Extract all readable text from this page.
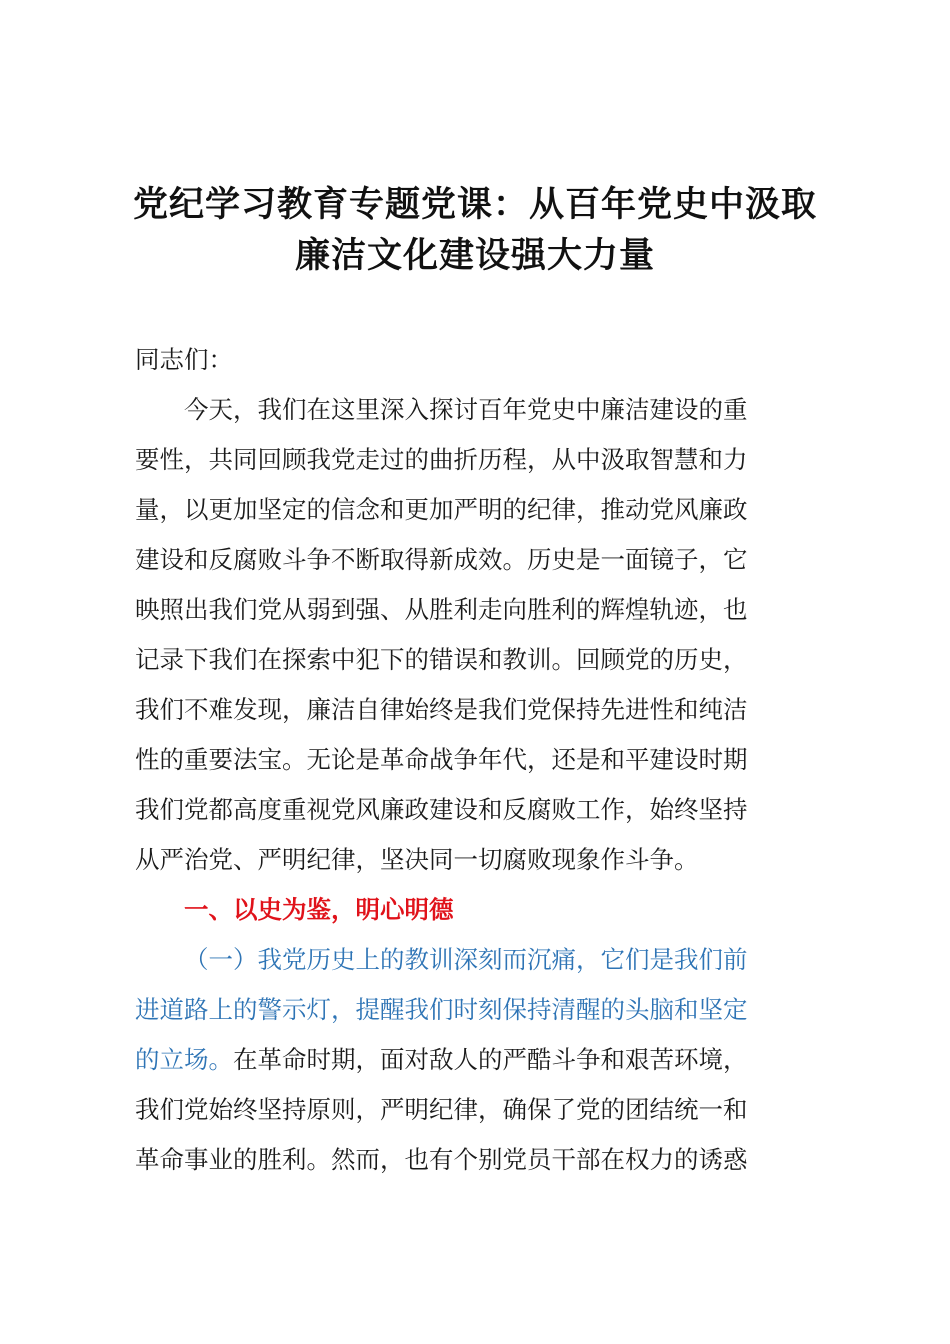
党纪学习教育专题党课：从百年党史中汲取
廉洁文化建设强大力量
同志们：
今天，我们在这里深入探讨百年党史中廉洁建设的重
要性，共同回顾我党走过的曲折历程，从中汲取智慧和力
量，以更加坚定的信念和更加严明的纪律，推动党风廉政
建设和反腐败斗争不断取得新成效。历史是一面镜子，它
映照出我们党从弱到强、从胜利走向胜利的辉煌轨迹，也
记录下我们在探索中犯下的错误和教训。回顾党的历史，
我们不难发现，廉洁自律始终是我们党保持先进性和纯洁
性的重要法宝。无论是革命战争年代，还是和平建设时期
我们党都高度重视党风廉政建设和反腐败工作，始终坚持
从严治党、严明纪律，坚决同一切腐败现象作斗争。
一、以史为鉴，明心明德
（一）我党历史上的教训深刻而沉痛，它们是我们前
进道路上的警示灯，提醒我们时刻保持清醒的头脑和坚定
的立场。在革命时期，面对敌人的严酷斗争和艰苦环境，
我们党始终坚持原则，严明纪律，确保了党的团结统一和
革命事业的胜利。然而，也有个别党员干部在权力的诱惑
